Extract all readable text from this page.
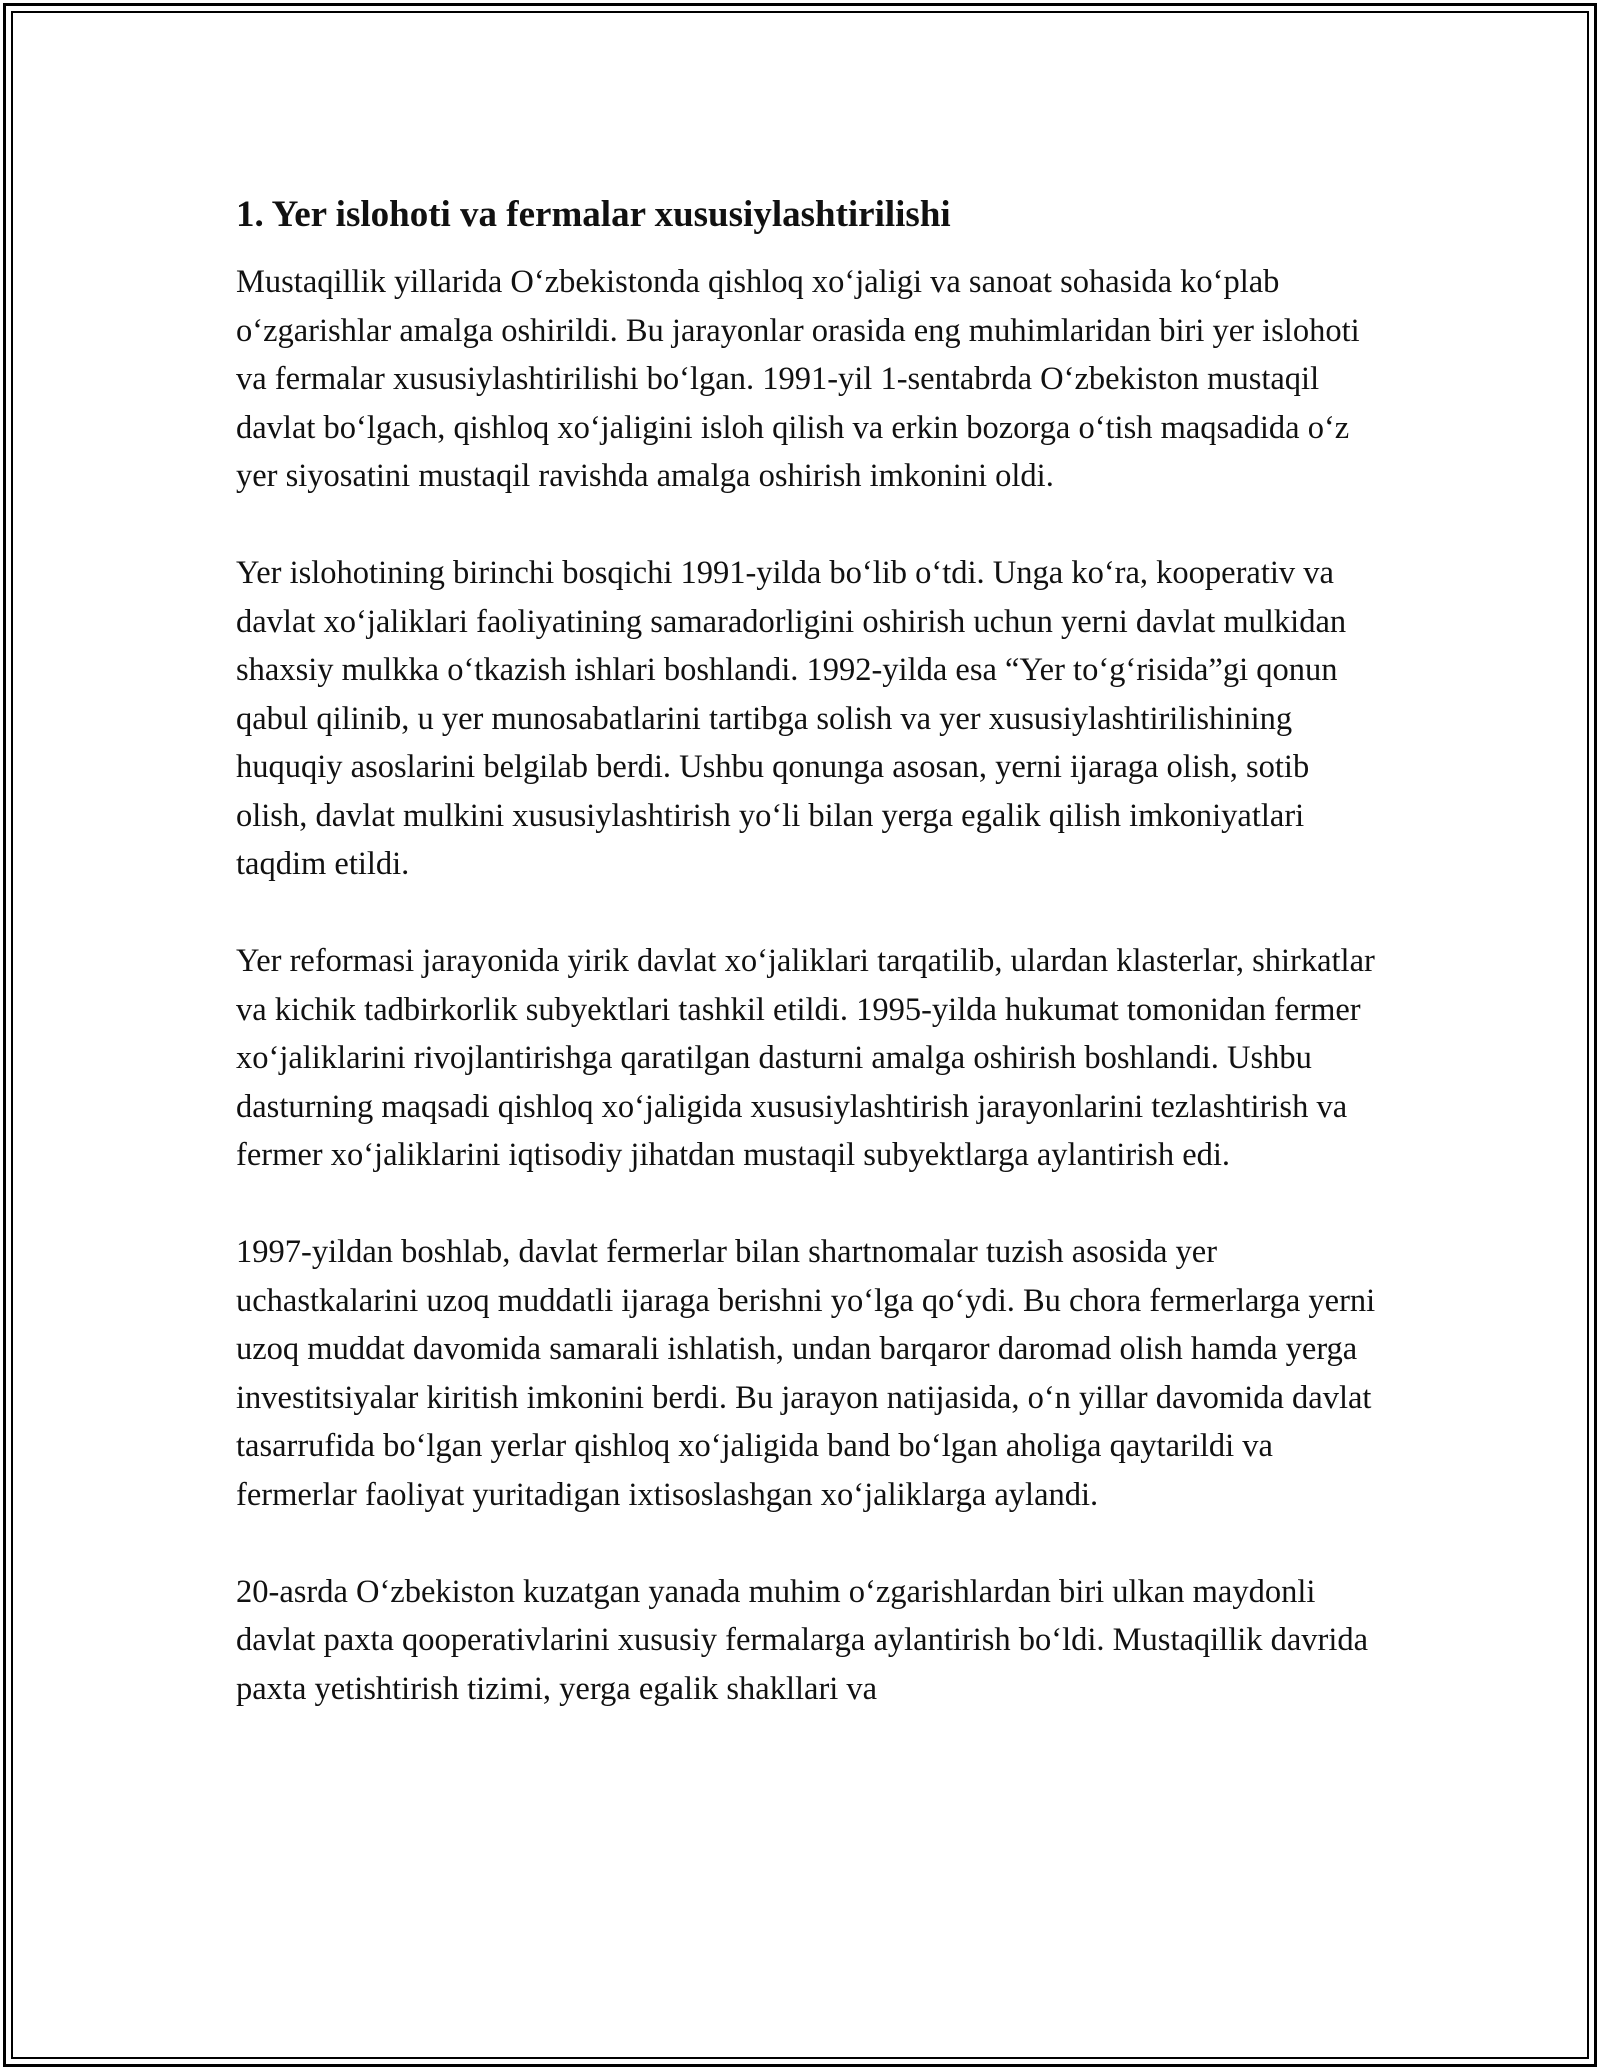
1. Yer islohoti va fermalar xususiylashtirilishi

Mustaqillik yillarida O‘zbekistonda qishloq xo‘jaligi va sanoat sohasida ko‘plab o‘zgarishlar amalga oshirildi. Bu jarayonlar orasida eng muhimlaridan biri yer islohoti va fermalar xususiylashtirilishi bo‘lgan. 1991-yil 1-sentabrda O‘zbekiston mustaqil davlat bo‘lgach, qishloq xo‘jaligini isloh qilish va erkin bozorga o‘tish maqsadida o‘z yer siyosatini mustaqil ravishda amalga oshirish imkonini oldi.

Yer islohotining birinchi bosqichi 1991-yilda bo‘lib o‘tdi. Unga ko‘ra, kooperativ va davlat xo‘jaliklari faoliyatining samaradorligini oshirish uchun yerni davlat mulkidan shaxsiy mulkka o‘tkazish ishlari boshlandi. 1992-yilda esa “Yer to‘g‘risida”gi qonun qabul qilinib, u yer munosabatlarini tartibga solish va yer xususiylashtirilishining huquqiy asoslarini belgilab berdi. Ushbu qonunga asosan, yerni ijaraga olish, sotib olish, davlat mulkini xususiylashtirish yo‘li bilan yerga egalik qilish imkoniyatlari taqdim etildi.

Yer reformasi jarayonida yirik davlat xo‘jaliklari tarqatilib, ulardan klasterlar, shirkatlar va kichik tadbirkorlik subyektlari tashkil etildi. 1995-yilda hukumat tomonidan fermer xo‘jaliklarini rivojlantirishga qaratilgan dasturni amalga oshirish boshlandi. Ushbu dasturning maqsadi qishloq xo‘jaligida xususiylashtirish jarayonlarini tezlashtirish va fermer xo‘jaliklarini iqtisodiy jihatdan mustaqil subyektlarga aylantirish edi.

1997-yildan boshlab, davlat fermerlar bilan shartnomalar tuzish asosida yer uchastkalarini uzoq muddatli ijaraga berishni yo‘lga qo‘ydi. Bu chora fermerlarga yerni uzoq muddat davomida samarali ishlatish, undan barqaror daromad olish hamda yerga investitsiyalar kiritish imkonini berdi. Bu jarayon natijasida, o‘n yillar davomida davlat tasarrufida bo‘lgan yerlar qishloq xo‘jaligida band bo‘lgan aholiga qaytarildi va fermerlar faoliyat yuritadigan ixtisoslashgan xo‘jaliklarga aylandi.

20-asrda O‘zbekiston kuzatgan yanada muhim o‘zgarishlardan biri ulkan maydonli davlat paxta qooperativlarini xususiy fermalarga aylantirish bo‘ldi. Mustaqillik davrida paxta yetishtirish tizimi, yerga egalik shakllari va
